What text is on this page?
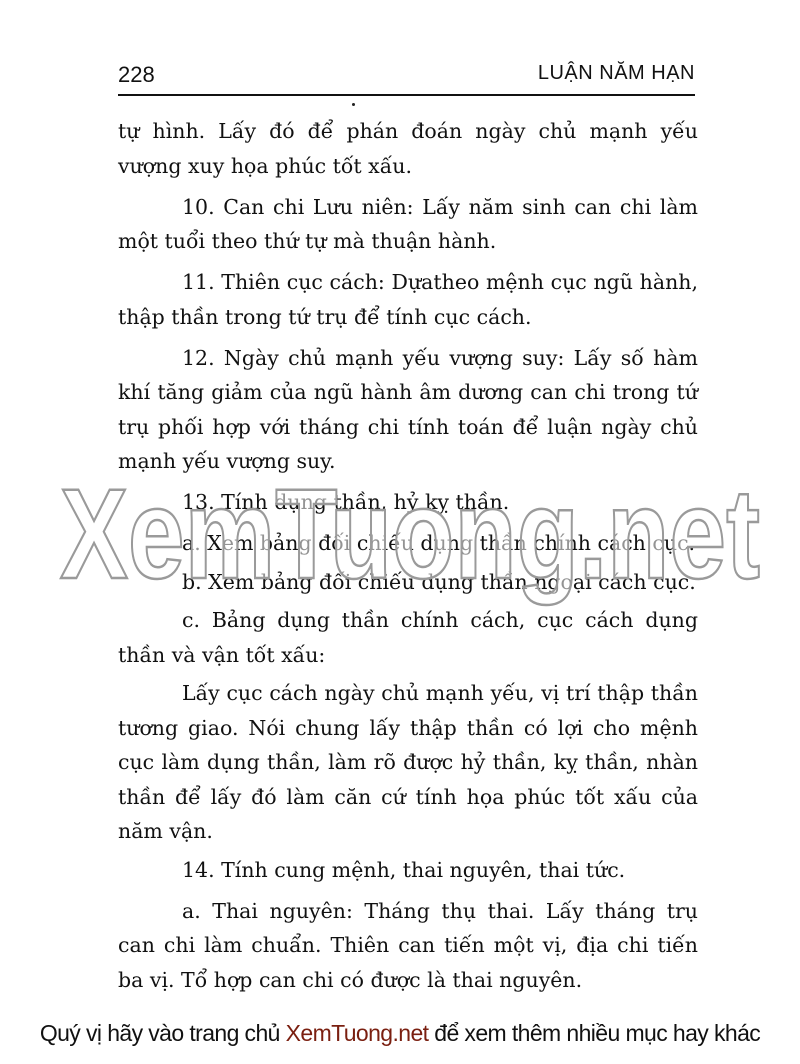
228	LUẬN NĂM HẠN

tự hình. Lấy đó để phán đoán ngày chủ mạnh yếu vượng xuy họa phúc tốt xấu.

10. Can chi Lưu niên: Lấy năm sinh can chi làm một tuổi theo thứ tự mà thuận hành.

11. Thiên cục cách: Dựatheo mệnh cục ngũ hành, thập thần trong tứ trụ để tính cục cách.

12. Ngày chủ mạnh yếu vượng suy: Lấy số hàm khí tăng giảm của ngũ hành âm dương can chi trong tứ trụ phối hợp với tháng chi tính toán để luận ngày chủ mạnh yếu vượng suy.

13. Tính dụng thần, hỷ kỵ thần.

a. Xem bảng đối chiếu dụng thần chính cách cục.

b. Xem bảng đối chiếu dụng thần ngoại cách cục.

c. Bảng dụng thần chính cách, cục cách dụng thần và vận tốt xấu:

Lấy cục cách ngày chủ mạnh yếu, vị trí thập thần tương giao. Nói chung lấy thập thần có lợi cho mệnh cục làm dụng thần, làm rõ được hỷ thần, kỵ thần, nhàn thần để lấy đó làm căn cứ tính họa phúc tốt xấu của năm vận.

14. Tính cung mệnh, thai nguyên, thai tức.

a. Thai nguyên: Tháng thụ thai. Lấy tháng trụ can chi làm chuẩn. Thiên can tiến một vị, địa chi tiến ba vị. Tổ hợp can chi có được là thai nguyên.

XemTuong.net
Quý vị hãy vào trang chủ XemTuong.net để xem thêm nhiều mục hay khác
